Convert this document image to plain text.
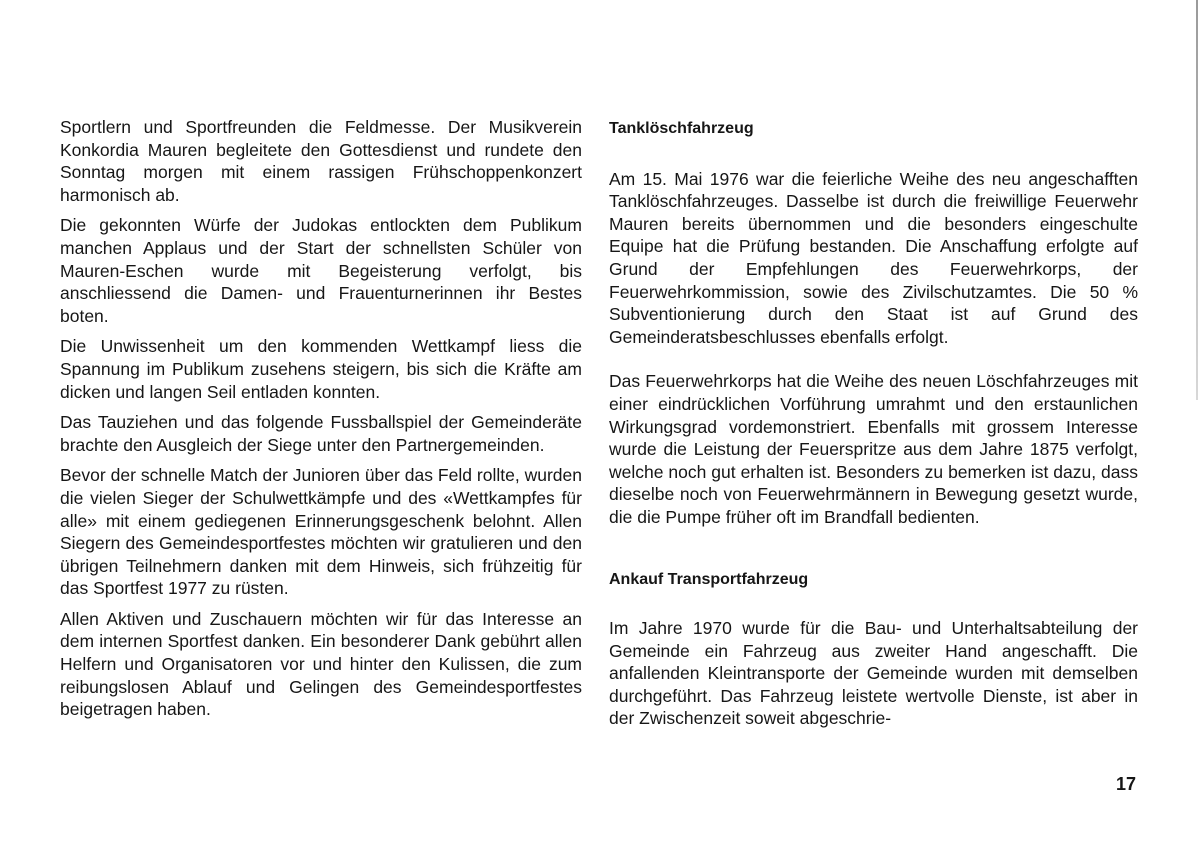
Sportlern und Sportfreunden die Feldmesse. Der Musikverein Konkordia Mauren begleitete den Gottesdienst und rundete den Sonntag morgen mit einem rassigen Frühschoppenkonzert harmonisch ab.

Die gekonnten Würfe der Judokas entlockten dem Publikum manchen Applaus und der Start der schnellsten Schüler von Mauren-Eschen wurde mit Begeisterung verfolgt, bis anschliessend die Damen- und Frauenturnerinnen ihr Bestes boten.

Die Unwissenheit um den kommenden Wettkampf liess die Spannung im Publikum zusehens steigern, bis sich die Kräfte am dicken und langen Seil entladen konnten.

Das Tauziehen und das folgende Fussballspiel der Gemeinderäte brachte den Ausgleich der Siege unter den Partnergemeinden.

Bevor der schnelle Match der Junioren über das Feld rollte, wurden die vielen Sieger der Schulwettkämpfe und des «Wettkampfes für alle» mit einem gediegenen Erinnerungsgeschenk belohnt. Allen Siegern des Gemeindesportfestes möchten wir gratulieren und den übrigen Teilnehmern danken mit dem Hinweis, sich frühzeitig für das Sportfest 1977 zu rüsten.

Allen Aktiven und Zuschauern möchten wir für das Interesse an dem internen Sportfest danken. Ein besonderer Dank gebührt allen Helfern und Organisatoren vor und hinter den Kulissen, die zum reibungslosen Ablauf und Gelingen des Gemeindesportfestes beigetragen haben.

Tanklöschfahrzeug

Am 15. Mai 1976 war die feierliche Weihe des neu angeschafften Tanklöschfahrzeuges. Dasselbe ist durch die freiwillige Feuerwehr Mauren bereits übernommen und die besonders eingeschulte Equipe hat die Prüfung bestanden. Die Anschaffung erfolgte auf Grund der Empfehlungen des Feuerwehrkorps, der Feuerwehrkommission, sowie des Zivilschutzamtes. Die 50 % Subventionierung durch den Staat ist auf Grund des Gemeinderatsbeschlusses ebenfalls erfolgt.

Das Feuerwehrkorps hat die Weihe des neuen Löschfahrzeuges mit einer eindrücklichen Vorführung umrahmt und den erstaunlichen Wirkungsgrad vordemonstriert. Ebenfalls mit grossem Interesse wurde die Leistung der Feuerspritze aus dem Jahre 1875 verfolgt, welche noch gut erhalten ist. Besonders zu bemerken ist dazu, dass dieselbe noch von Feuerwehrmännern in Bewegung gesetzt wurde, die die Pumpe früher oft im Brandfall bedienten.

Ankauf Transportfahrzeug

Im Jahre 1970 wurde für die Bau- und Unterhaltsabteilung der Gemeinde ein Fahrzeug aus zweiter Hand angeschafft. Die anfallenden Kleintransporte der Gemeinde wurden mit demselben durchgeführt. Das Fahrzeug leistete wertvolle Dienste, ist aber in der Zwischenzeit soweit abgeschrie-

17
